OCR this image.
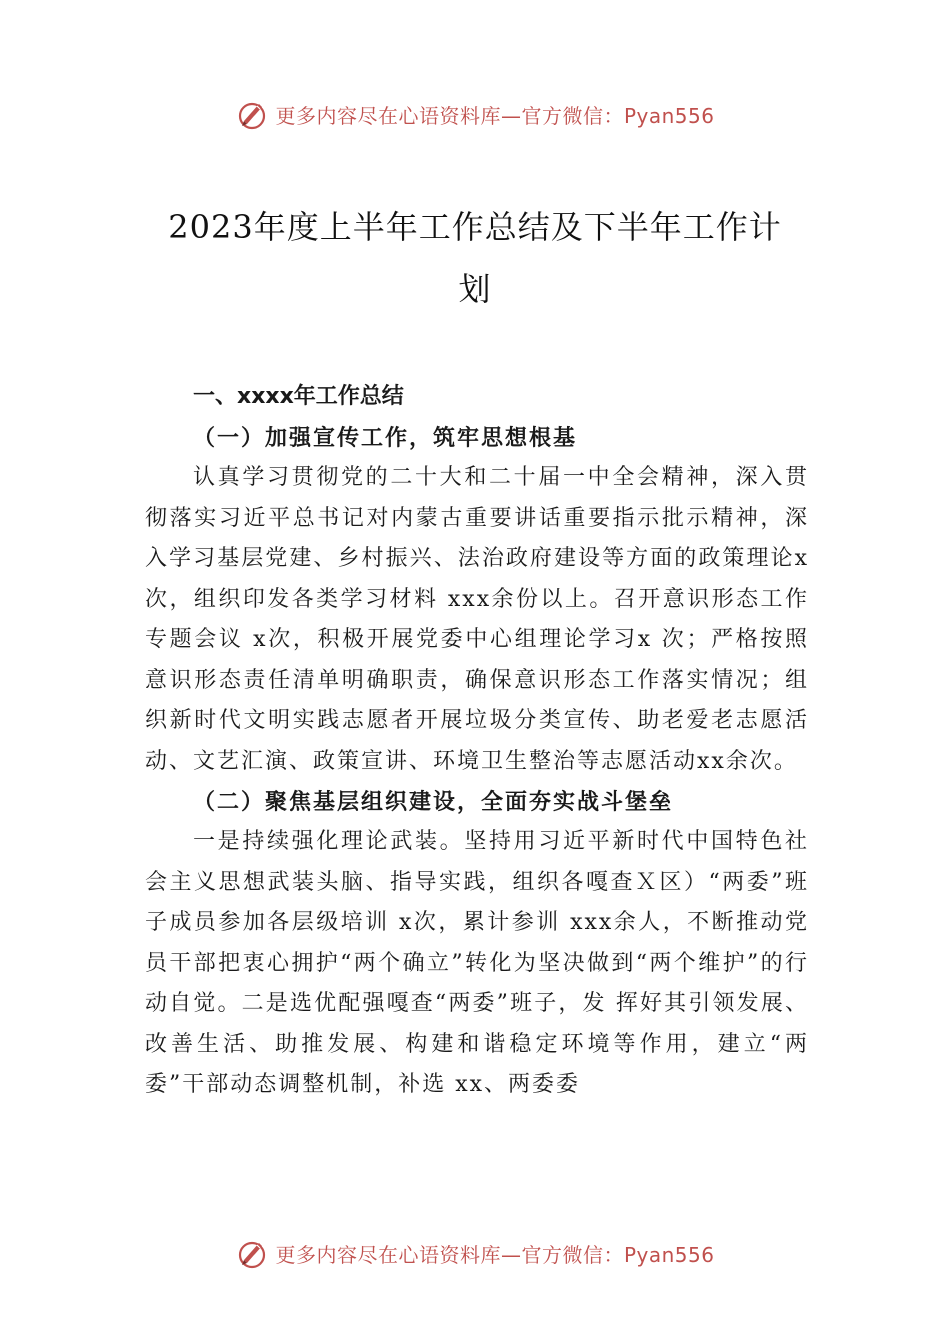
更多内容尽在心语资料库—官方微信：Pyan556
2023年度上半年工作总结及下半年工作计
划

一、xxxx年工作总结

（一）加强宣传工作，筑牢思想根基

认真学习贯彻党的二十大和二十届一中全会精神，深入贯彻落实习近平总书记对内蒙古重要讲话重要指示批示精神，深入学习基层党建、乡村振兴、法治政府建设等方面的政策理论x次，组织印发各类学习材料 xxx余份以上。召开意识形态工作专题会议 x次，积极开展党委中心组理论学习x 次；严格按照意识形态责任清单明确职责，确保意识形态工作落实情况；组织新时代文明实践志愿者开展垃圾分类宣传、助老爱老志愿活动、文艺汇演、政策宣讲、环境卫生整治等志愿活动xx余次。

（二）聚焦基层组织建设，全面夯实战斗堡垒

一是持续强化理论武装。坚持用习近平新时代中国特色社会主义思想武装头脑、指导实践，组织各嘎查Ｘ区）“两委”班子成员参加各层级培训 x次，累计参训 xxx余人，不断推动党员干部把衷心拥护“两个确立”转化为坚决做到“两个维护”的行动自觉。二是选优配强嘎查“两委”班子，发 挥好其引领发展、改善生活、助推发展、构建和谐稳定环境等作用，建立“两委”干部动态调整机制，补选 xx、两委委

更多内容尽在心语资料库—官方微信：Pyan556
